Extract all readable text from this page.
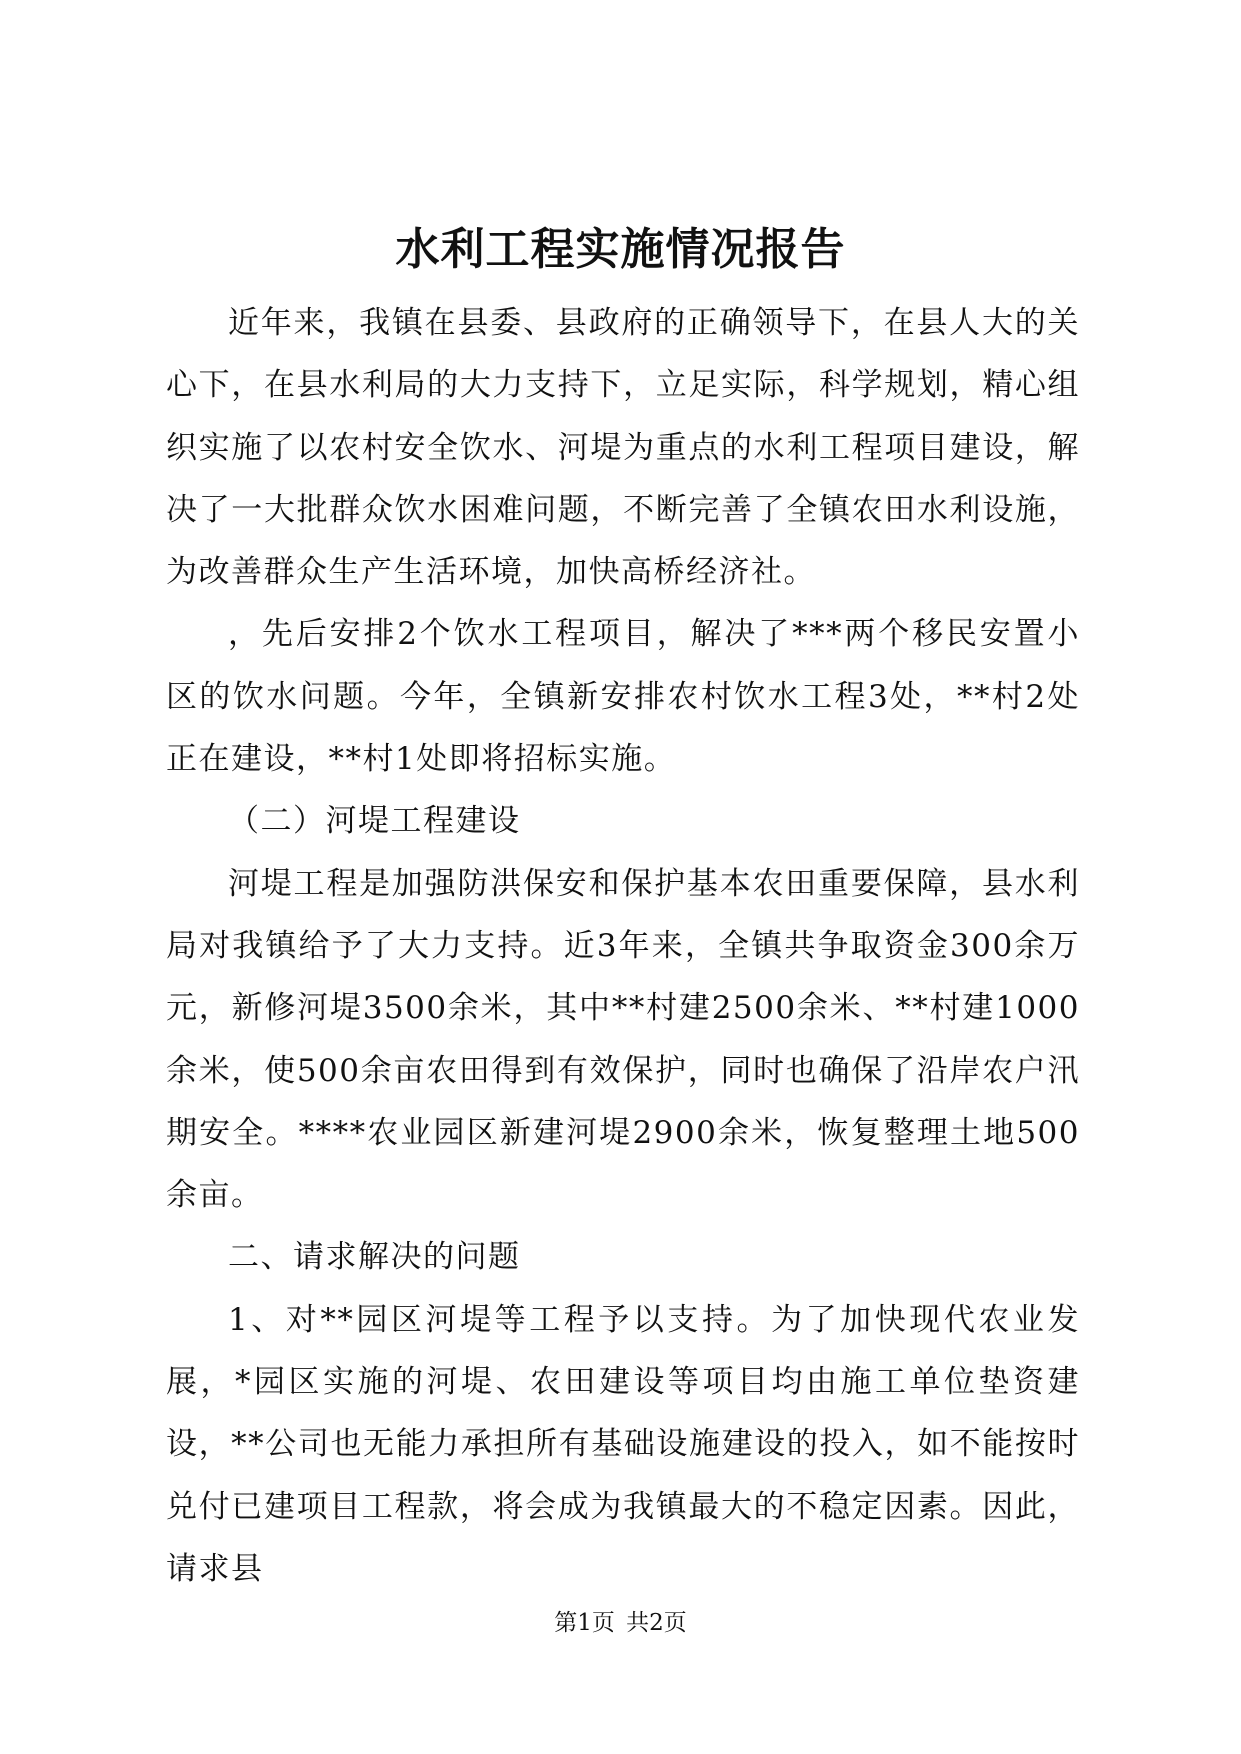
水利工程实施情况报告

近年来，我镇在县委、县政府的正确领导下，在县人大的关心下，在县水利局的大力支持下，立足实际，科学规划，精心组织实施了以农村安全饮水、河堤为重点的水利工程项目建设，解决了一大批群众饮水困难问题，不断完善了全镇农田水利设施，为改善群众生产生活环境，加快高桥经济社。

，先后安排2个饮水工程项目，解决了***两个移民安置小区的饮水问题。今年，全镇新安排农村饮水工程3处，**村2处正在建设，**村1处即将招标实施。

（二）河堤工程建设

河堤工程是加强防洪保安和保护基本农田重要保障，县水利局对我镇给予了大力支持。近3年来，全镇共争取资金300余万元，新修河堤3500余米，其中**村建2500余米、**村建1000余米，使500余亩农田得到有效保护，同时也确保了沿岸农户汛期安全。****农业园区新建河堤2900余米，恢复整理土地500余亩。

二、请求解决的问题

1、对**园区河堤等工程予以支持。为了加快现代农业发展，*园区实施的河堤、农田建设等项目均由施工单位垫资建设，**公司也无能力承担所有基础设施建设的投入，如不能按时兑付已建项目工程款，将会成为我镇最大的不稳定因素。因此，请求县

第1页 共2页
